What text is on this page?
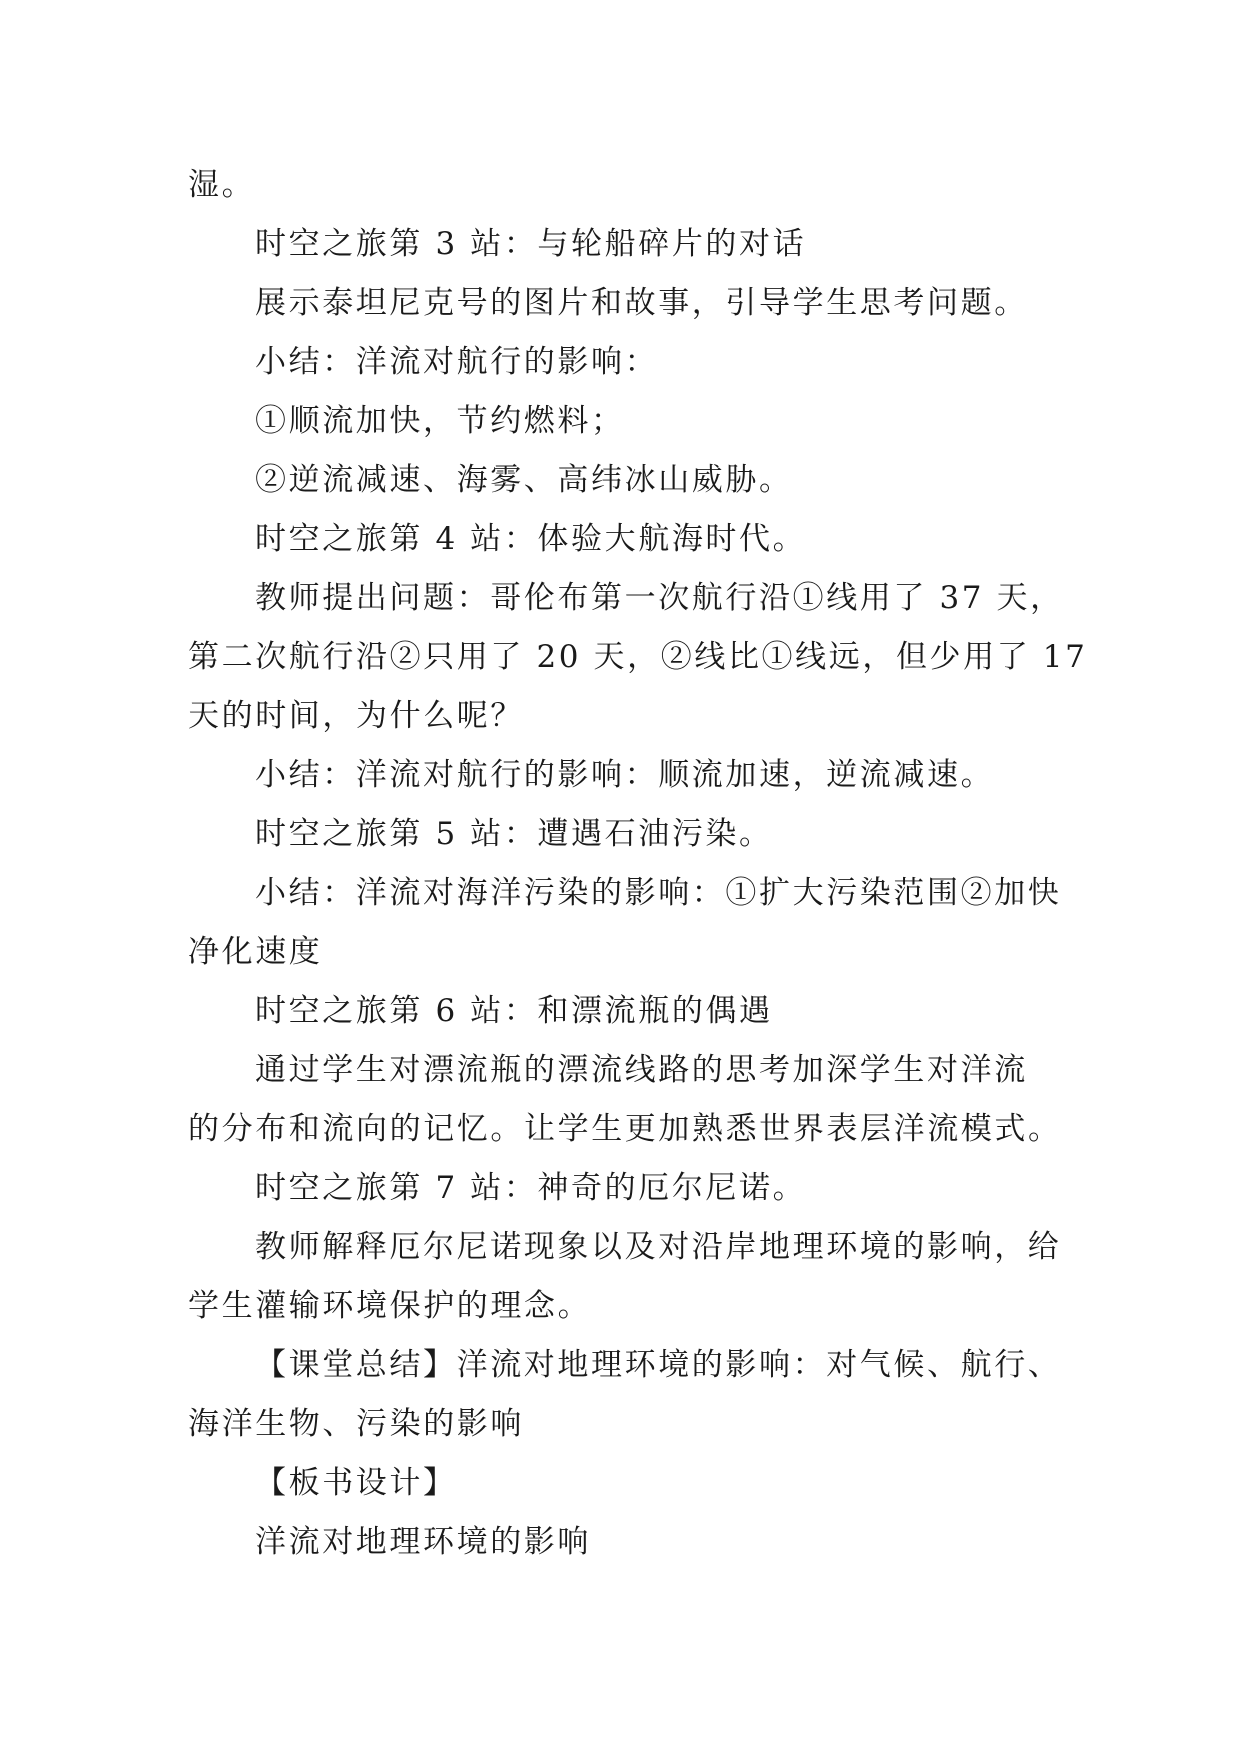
湿。
时空之旅第 3 站：与轮船碎片的对话
展示泰坦尼克号的图片和故事，引导学生思考问题。
小结：洋流对航行的影响：
①顺流加快，节约燃料；
②逆流减速、海雾、高纬冰山威胁。
时空之旅第 4 站：体验大航海时代。
教师提出问题：哥伦布第一次航行沿①线用了 37 天，
第二次航行沿②只用了 20 天，②线比①线远，但少用了 17
天的时间，为什么呢？
小结：洋流对航行的影响：顺流加速，逆流减速。
时空之旅第 5 站：遭遇石油污染。
小结：洋流对海洋污染的影响：①扩大污染范围②加快
净化速度
时空之旅第 6 站：和漂流瓶的偶遇
通过学生对漂流瓶的漂流线路的思考加深学生对洋流
的分布和流向的记忆。让学生更加熟悉世界表层洋流模式。
时空之旅第 7 站：神奇的厄尔尼诺。
教师解释厄尔尼诺现象以及对沿岸地理环境的影响，给
学生灌输环境保护的理念。
【课堂总结】洋流对地理环境的影响：对气候、航行、
海洋生物、污染的影响
【板书设计】
洋流对地理环境的影响
